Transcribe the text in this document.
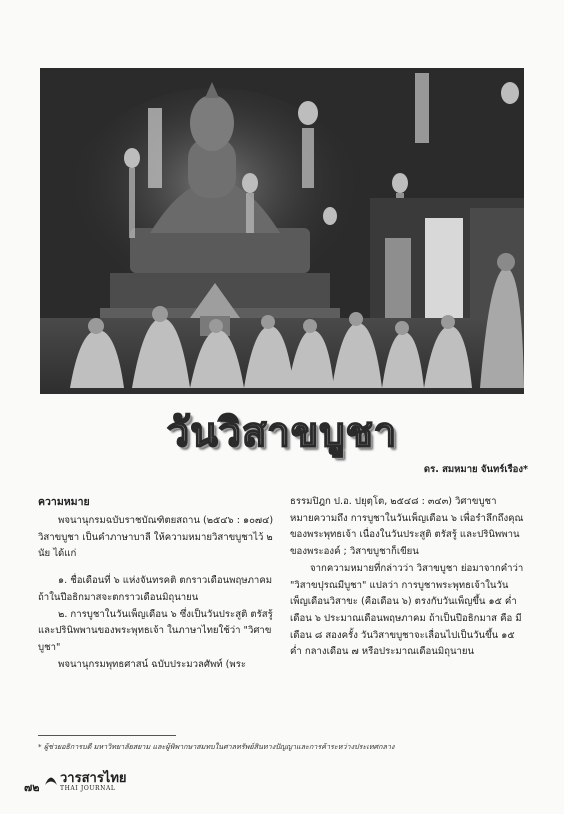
วันวิสาขบูชา
ดร. สมหมาย จันทร์เรือง*
ความหมาย

พจนานุกรมฉบับราชบัณฑิตยสถาน (๒๕๔๖ : ๑๐๗๔) วิสาขบูชา เป็นคำภาษาบาลี ให้ความหมายวิสาขบูชาไว้ ๒ นัย ได้แก่

๑. ชื่อเดือนที่ ๖ แห่งจันทรคติ ตกราวเดือนพฤษภาคม ถ้าในปีอธิกมาสจะตกราวเดือนมิถุนายน

๒. การบูชาในวันเพ็ญเดือน ๖ ซึ่งเป็นวันประสูติ ตรัสรู้และปรินิพพานของพระพุทธเจ้า ในภาษาไทยใช้ว่า "วิศาขบูชา"

พจนานุกรมพุทธศาสน์ ฉบับประมวลศัพท์ (พระ

ธรรมปิฎก ป.อ. ปยุตฺโต, ๒๕๔๘ : ๓๔๓) วิศาขบูชา หมายความถึง การบูชาในวันเพ็ญเดือน ๖ เพื่อรำลึกถึงคุณของพระพุทธเจ้า เนื่องในวันประสูติ ตรัสรู้ และปรินิพพานของพระองค์ ; วิสาขบูชาก็เขียน

จากความหมายที่กล่าวว่า วิสาขบูชา ย่อมาจากคำว่า "วิสาขปุรณมีบูชา" แปลว่า การบูชาพระพุทธเจ้าในวันเพ็ญเดือนวิสาขะ (คือเดือน ๖) ตรงกับวันเพ็ญขึ้น ๑๕ ค่ำ เดือน ๖ ประมาณเดือนพฤษภาคม ถ้าเป็นปีอธิกมาส คือ มีเดือน ๘ สองครั้ง วันวิสาขบูชาจะเลื่อนไปเป็นวันขึ้น ๑๕ ค่ำ กลางเดือน ๗ หรือประมาณเดือนมิถุนายน

* ผู้ช่วยอธิการบดี มหาวิทยาลัยสยาม และผู้พิพากษาสมทบในศาลทรัพย์สินทางปัญญาและการค้าระหว่างประเทศกลาง
๗๒
วารสารไทย
THAI JOURNAL
